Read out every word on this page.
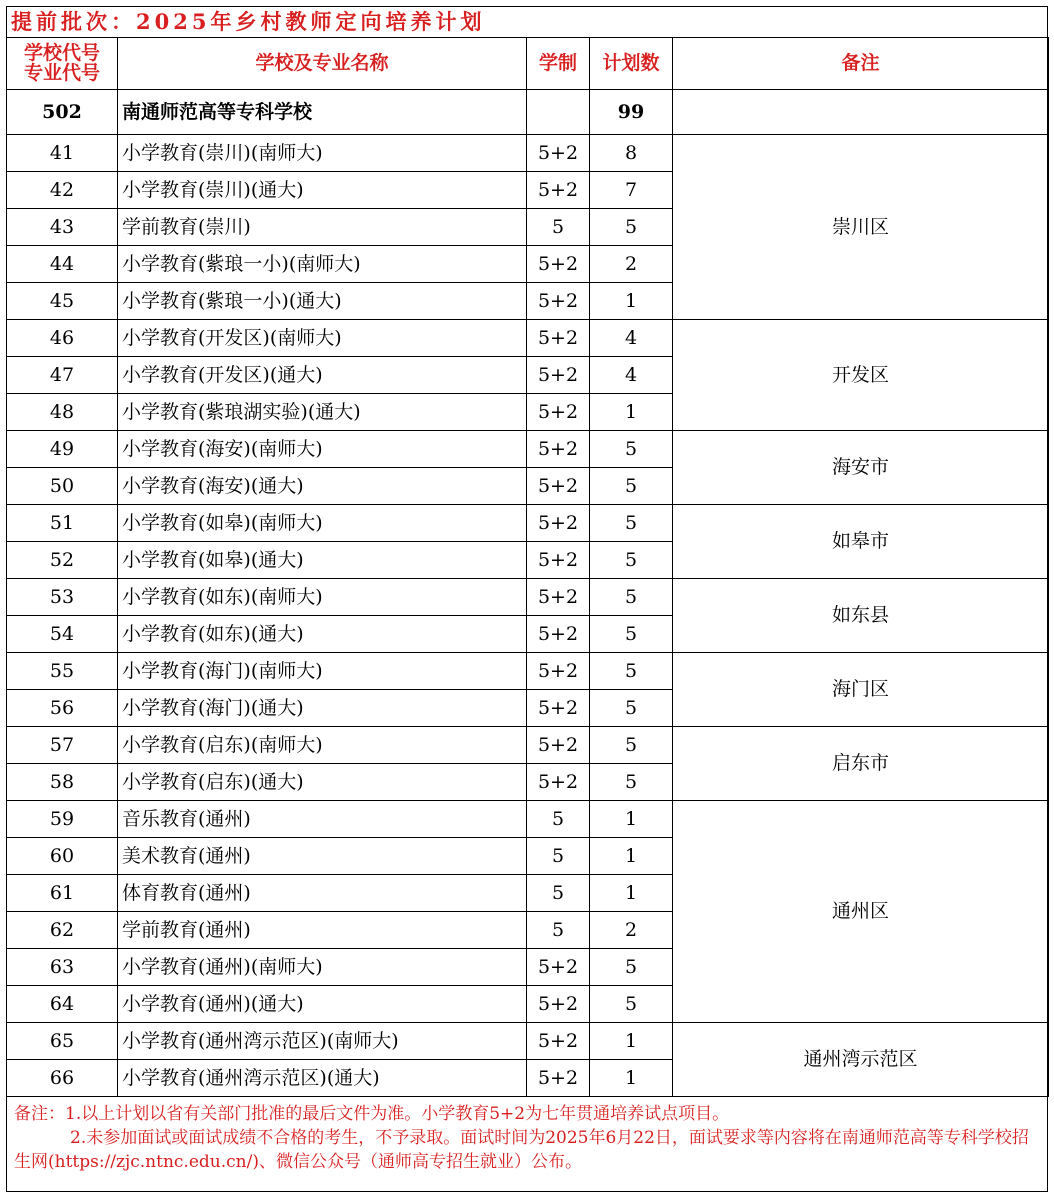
提前批次：2025年乡村教师定向培养计划
学校代号
专业代号	学校及专业名称	学制	计划数	备注
502	南通师范高等专科学校		99	
41	小学教育(崇川)(南师大)	5+2	8	崇川区
42	小学教育(崇川)(通大)	5+2	7	
43	学前教育(崇川)	5	5	
44	小学教育(紫琅一小)(南师大)	5+2	2	
45	小学教育(紫琅一小)(通大)	5+2	1	
46	小学教育(开发区)(南师大)	5+2	4	开发区
47	小学教育(开发区)(通大)	5+2	4	
48	小学教育(紫琅湖实验)(通大)	5+2	1	
49	小学教育(海安)(南师大)	5+2	5	海安市
50	小学教育(海安)(通大)	5+2	5	
51	小学教育(如皋)(南师大)	5+2	5	如皋市
52	小学教育(如皋)(通大)	5+2	5	
53	小学教育(如东)(南师大)	5+2	5	如东县
54	小学教育(如东)(通大)	5+2	5	
55	小学教育(海门)(南师大)	5+2	5	海门区
56	小学教育(海门)(通大)	5+2	5	
57	小学教育(启东)(南师大)	5+2	5	启东市
58	小学教育(启东)(通大)	5+2	5	
59	音乐教育(通州)	5	1	通州区
60	美术教育(通州)	5	1	
61	体育教育(通州)	5	1	
62	学前教育(通州)	5	2	
63	小学教育(通州)(南师大)	5+2	5	
64	小学教育(通州)(通大)	5+2	5	
65	小学教育(通州湾示范区)(南师大)	5+2	1	通州湾示范区
66	小学教育(通州湾示范区)(通大)	5+2	1	

备注：1.以上计划以省有关部门批准的最后文件为准。小学教育5+2为七年贯通培养试点项目。

2.未参加面试或面试成绩不合格的考生，不予录取。面试时间为2025年6月22日，面试要求等内容将在南通师范高等专科学校招生网(https://zjc.ntnc.edu.cn/)、微信公众号（通师高专招生就业）公布。
